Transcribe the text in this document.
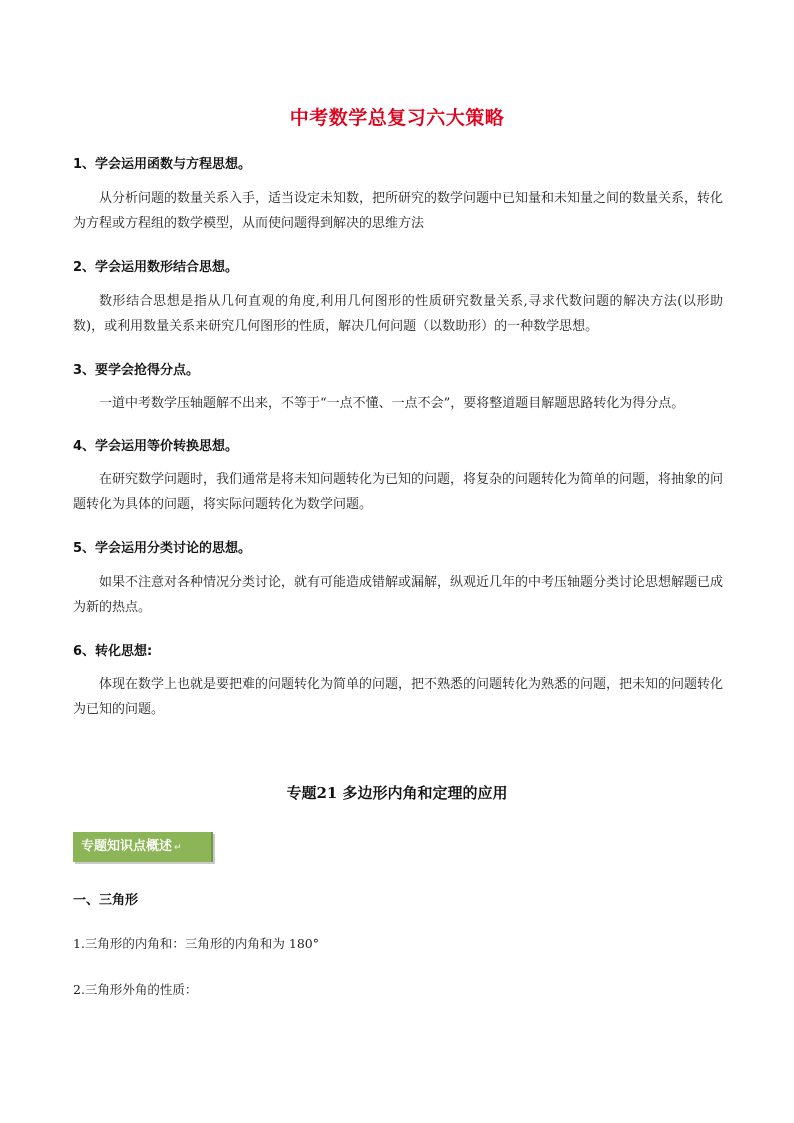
中考数学总复习六大策略
1、学会运用函数与方程思想。
从分析问题的数量关系入手，适当设定未知数，把所研究的数学问题中已知量和未知量之间的数量关系，转化为方程或方程组的数学模型，从而使问题得到解决的思维方法
2、学会运用数形结合思想。
数形结合思想是指从几何直观的角度,利用几何图形的性质研究数量关系,寻求代数问题的解决方法(以形助数)，或利用数量关系来研究几何图形的性质，解决几何问题（以数助形）的一种数学思想。
3、要学会抢得分点。
一道中考数学压轴题解不出来，不等于“一点不懂、一点不会”，要将整道题目解题思路转化为得分点。
4、学会运用等价转换思想。
在研究数学问题时，我们通常是将未知问题转化为已知的问题，将复杂的问题转化为简单的问题，将抽象的问题转化为具体的问题，将实际问题转化为数学问题。
5、学会运用分类讨论的思想。
如果不注意对各种情况分类讨论，就有可能造成错解或漏解，纵观近几年的中考压轴题分类讨论思想解题已成为新的热点。
6、转化思想:
体现在数学上也就是要把难的问题转化为简单的问题，把不熟悉的问题转化为熟悉的问题，把未知的问题转化为已知的问题。
专题21 多边形内角和定理的应用
专题知识点概述 ↵
一、三角形
1.三角形的内角和：三角形的内角和为 180°
2.三角形外角的性质：
